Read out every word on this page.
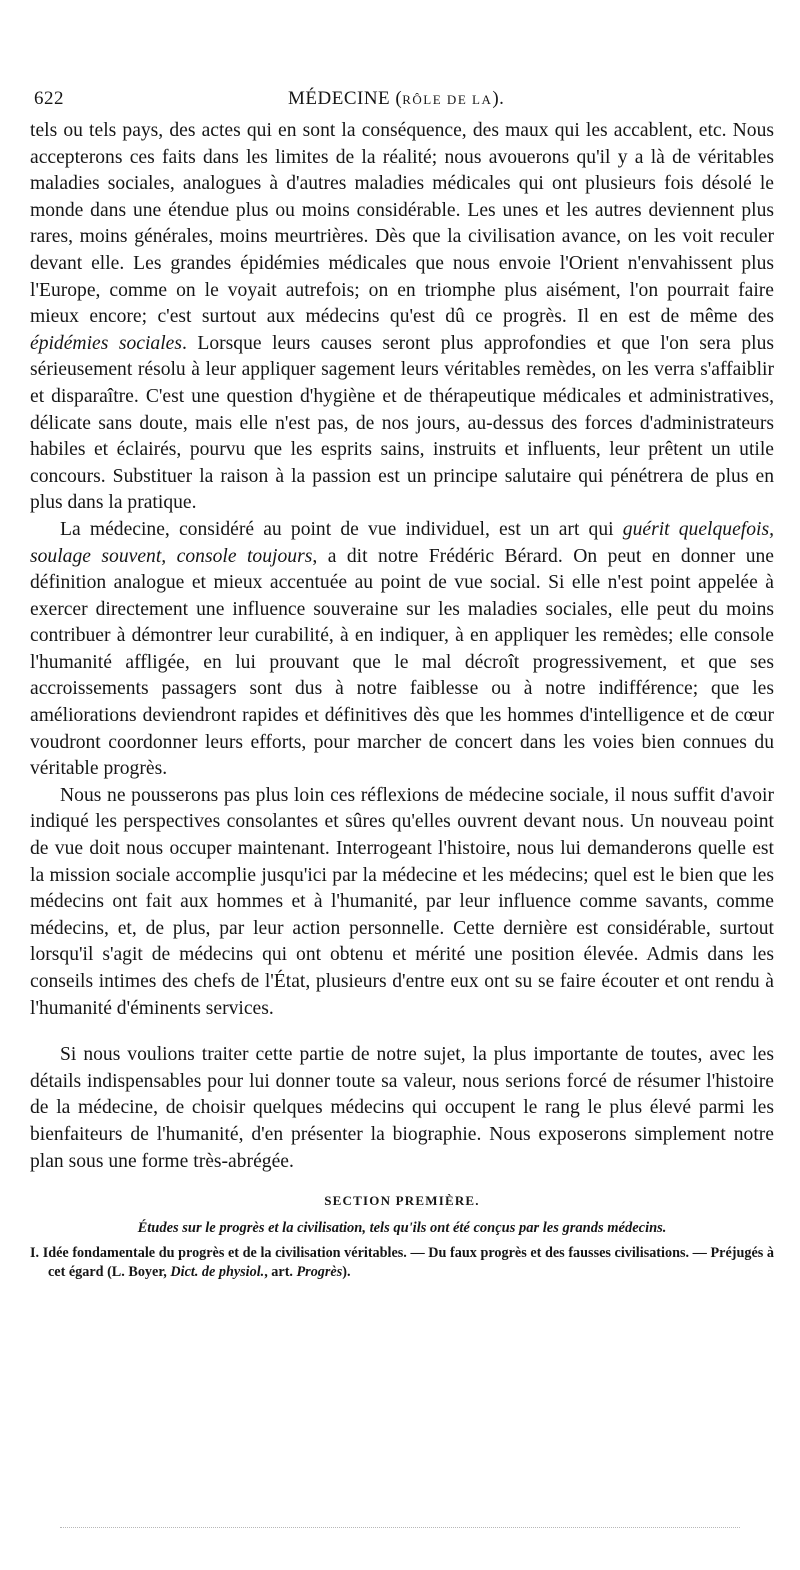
622	MÉDECINE (RÔLE DE LA).

tels ou tels pays, des actes qui en sont la conséquence, des maux qui les accablent, etc. Nous accepterons ces faits dans les limites de la réalité; nous avouerons qu'il y a là de véritables maladies sociales, analogues à d'autres maladies médicales qui ont plusieurs fois désolé le monde dans une étendue plus ou moins considérable. Les unes et les autres deviennent plus rares, moins générales, moins meurtrières. Dès que la civilisation avance, on les voit reculer devant elle. Les grandes épidémies médicales que nous envoie l'Orient n'envahissent plus l'Europe, comme on le voyait autrefois; on en triomphe plus aisément, l'on pourrait faire mieux encore; c'est surtout aux médecins qu'est dû ce progrès. Il en est de même des épidémies sociales. Lorsque leurs causes seront plus approfondies et que l'on sera plus sérieusement résolu à leur appliquer sagement leurs véritables remèdes, on les verra s'affaiblir et disparaître. C'est une question d'hygiène et de thérapeutique médicales et administratives, délicate sans doute, mais elle n'est pas, de nos jours, au-dessus des forces d'administrateurs habiles et éclairés, pourvu que les esprits sains, instruits et influents, leur prêtent un utile concours. Substituer la raison à la passion est un principe salutaire qui pénétrera de plus en plus dans la pratique.

La médecine, considéré au point de vue individuel, est un art qui guérit quelquefois, soulage souvent, console toujours, a dit notre Frédéric Bérard. On peut en donner une définition analogue et mieux accentuée au point de vue social. Si elle n'est point appelée à exercer directement une influence souveraine sur les maladies sociales, elle peut du moins contribuer à démontrer leur curabilité, à en indiquer, à en appliquer les remèdes; elle console l'humanité affligée, en lui prouvant que le mal décroît progressivement, et que ses accroissements passagers sont dus à notre faiblesse ou à notre indifférence; que les améliorations deviendront rapides et définitives dès que les hommes d'intelligence et de cœur voudront coordonner leurs efforts, pour marcher de concert dans les voies bien connues du véritable progrès.

Nous ne pousserons pas plus loin ces réflexions de médecine sociale, il nous suffit d'avoir indiqué les perspectives consolantes et sûres qu'elles ouvrent devant nous. Un nouveau point de vue doit nous occuper maintenant. Interrogeant l'histoire, nous lui demanderons quelle est la mission sociale accomplie jusqu'ici par la médecine et les médecins; quel est le bien que les médecins ont fait aux hommes et à l'humanité, par leur influence comme savants, comme médecins, et, de plus, par leur action personnelle. Cette dernière est considérable, surtout lorsqu'il s'agit de médecins qui ont obtenu et mérité une position élevée. Admis dans les conseils intimes des chefs de l'État, plusieurs d'entre eux ont su se faire écouter et ont rendu à l'humanité d'éminents services.

Si nous voulions traiter cette partie de notre sujet, la plus importante de toutes, avec les détails indispensables pour lui donner toute sa valeur, nous serions forcé de résumer l'histoire de la médecine, de choisir quelques médecins qui occupent le rang le plus élevé parmi les bienfaiteurs de l'humanité, d'en présenter la biographie. Nous exposerons simplement notre plan sous une forme très-abrégée.

SECTION PREMIÈRE.
Études sur le progrès et la civilisation, tels qu'ils ont été conçus par les grands médecins.
I. Idée fondamentale du progrès et de la civilisation véritables. — Du faux progrès et des fausses civilisations. — Préjugés à cet égard (L. Boyer, Dict. de physiol., art. Progrès).
